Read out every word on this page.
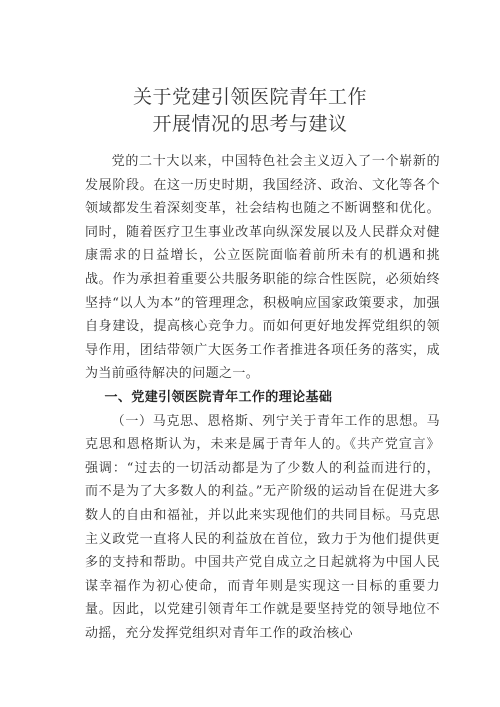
关于党建引领医院青年工作
开展情况的思考与建议

党的二十大以来，中国特色社会主义迈入了一个崭新的发展阶段。在这一历史时期，我国经济、政治、文化等各个领域都发生着深刻变革，社会结构也随之不断调整和优化。同时，随着医疗卫生事业改革向纵深发展以及人民群众对健康需求的日益增长，公立医院面临着前所未有的机遇和挑战。作为承担着重要公共服务职能的综合性医院，必须始终坚持“以人为本”的管理理念，积极响应国家政策要求，加强自身建设，提高核心竞争力。而如何更好地发挥党组织的领导作用，团结带领广大医务工作者推进各项任务的落实，成为当前亟待解决的问题之一。

一、党建引领医院青年工作的理论基础

（一）马克思、恩格斯、列宁关于青年工作的思想。马克思和恩格斯认为，未来是属于青年人的。《共产党宣言》强调：“过去的一切活动都是为了少数人的利益而进行的，而不是为了大多数人的利益。”无产阶级的运动旨在促进大多数人的自由和福祉，并以此来实现他们的共同目标。马克思主义政党一直将人民的利益放在首位，致力于为他们提供更多的支持和帮助。中国共产党自成立之日起就将为中国人民谋幸福作为初心使命，而青年则是实现这一目标的重要力量。因此，以党建引领青年工作就是要坚持党的领导地位不动摇，充分发挥党组织对青年工作的政治核心
